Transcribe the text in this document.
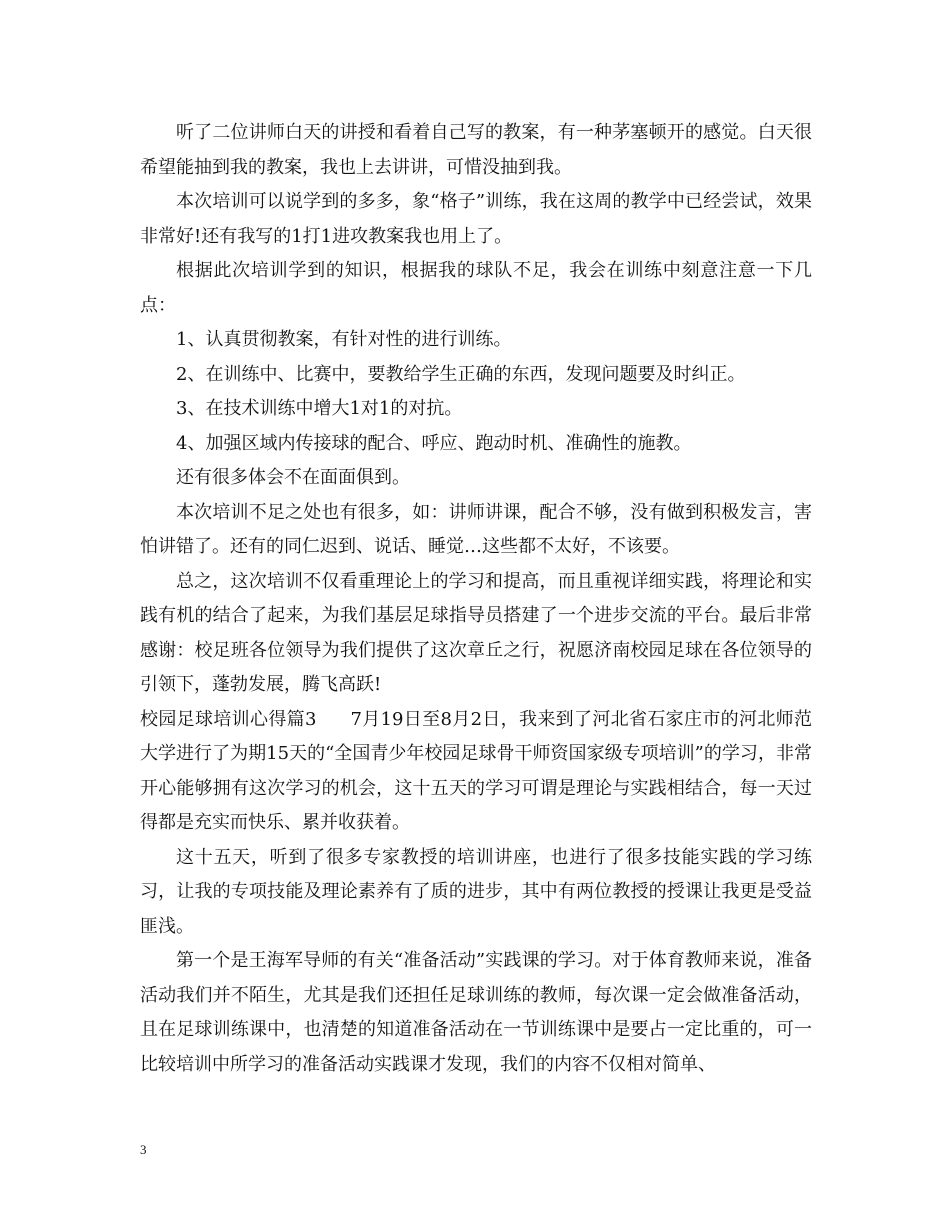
听了二位讲师白天的讲授和看着自己写的教案，有一种茅塞顿开的感觉。白天很希望能抽到我的教案，我也上去讲讲，可惜没抽到我。

本次培训可以说学到的多多，象“格子”训练，我在这周的教学中已经尝试，效果非常好!还有我写的1打1进攻教案我也用上了。

根据此次培训学到的知识，根据我的球队不足，我会在训练中刻意注意一下几点：

1、认真贯彻教案，有针对性的进行训练。

2、在训练中、比赛中，要教给学生正确的东西，发现问题要及时纠正。

3、在技术训练中增大1对1的对抗。

4、加强区域内传接球的配合、呼应、跑动时机、准确性的施教。

还有很多体会不在面面俱到。

本次培训不足之处也有很多，如：讲师讲课，配合不够，没有做到积极发言，害怕讲错了。还有的同仁迟到、说话、睡觉…这些都不太好，不该要。

总之，这次培训不仅看重理论上的学习和提高，而且重视详细实践，将理论和实践有机的结合了起来，为我们基层足球指导员搭建了一个进步交流的平台。最后非常感谢：校足班各位领导为我们提供了这次章丘之行，祝愿济南校园足球在各位领导的引领下，蓬勃发展，腾飞高跃!

校园足球培训心得篇3 7月19日至8月2日，我来到了河北省石家庄市的河北师范大学进行了为期15天的“全国青少年校园足球骨干师资国家级专项培训”的学习，非常开心能够拥有这次学习的机会，这十五天的学习可谓是理论与实践相结合，每一天过得都是充实而快乐、累并收获着。

这十五天，听到了很多专家教授的培训讲座，也进行了很多技能实践的学习练习，让我的专项技能及理论素养有了质的进步，其中有两位教授的授课让我更是受益匪浅。

第一个是王海军导师的有关“准备活动”实践课的学习。对于体育教师来说，准备活动我们并不陌生，尤其是我们还担任足球训练的教师，每次课一定会做准备活动，且在足球训练课中，也清楚的知道准备活动在一节训练课中是要占一定比重的，可一比较培训中所学习的准备活动实践课才发现，我们的内容不仅相对简单、

3
